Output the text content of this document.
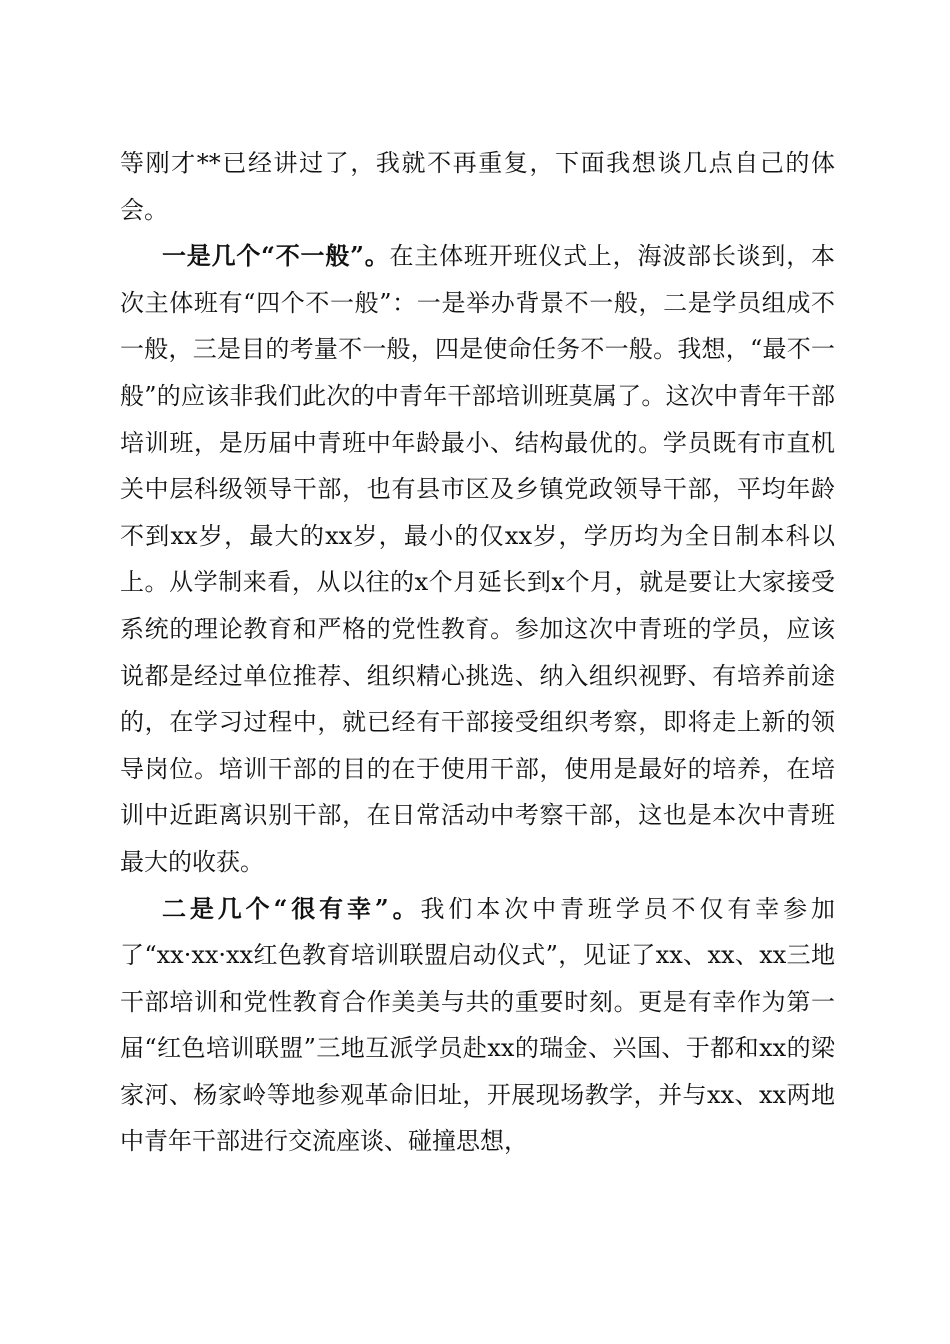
等刚才**已经讲过了，我就不再重复，下面我想谈几点自己的体会。

一是几个“不一般”。在主体班开班仪式上，海波部长谈到，本次主体班有“四个不一般”：一是举办背景不一般，二是学员组成不一般，三是目的考量不一般，四是使命任务不一般。我想，“最不一般”的应该非我们此次的中青年干部培训班莫属了。这次中青年干部培训班，是历届中青班中年龄最小、结构最优的。学员既有市直机关中层科级领导干部，也有县市区及乡镇党政领导干部，平均年龄不到xx岁，最大的xx岁，最小的仅xx岁，学历均为全日制本科以上。从学制来看，从以往的x个月延长到x个月，就是要让大家接受系统的理论教育和严格的党性教育。参加这次中青班的学员，应该说都是经过单位推荐、组织精心挑选、纳入组织视野、有培养前途的，在学习过程中，就已经有干部接受组织考察，即将走上新的领导岗位。培训干部的目的在于使用干部，使用是最好的培养，在培训中近距离识别干部，在日常活动中考察干部，这也是本次中青班最大的收获。

二是几个“很有幸”。我们本次中青班学员不仅有幸参加了“xx·xx·xx红色教育培训联盟启动仪式”，见证了xx、xx、xx三地干部培训和党性教育合作美美与共的重要时刻。更是有幸作为第一届“红色培训联盟”三地互派学员赴xx的瑞金、兴国、于都和xx的梁家河、杨家岭等地参观革命旧址，开展现场教学，并与xx、xx两地中青年干部进行交流座谈、碰撞思想，
